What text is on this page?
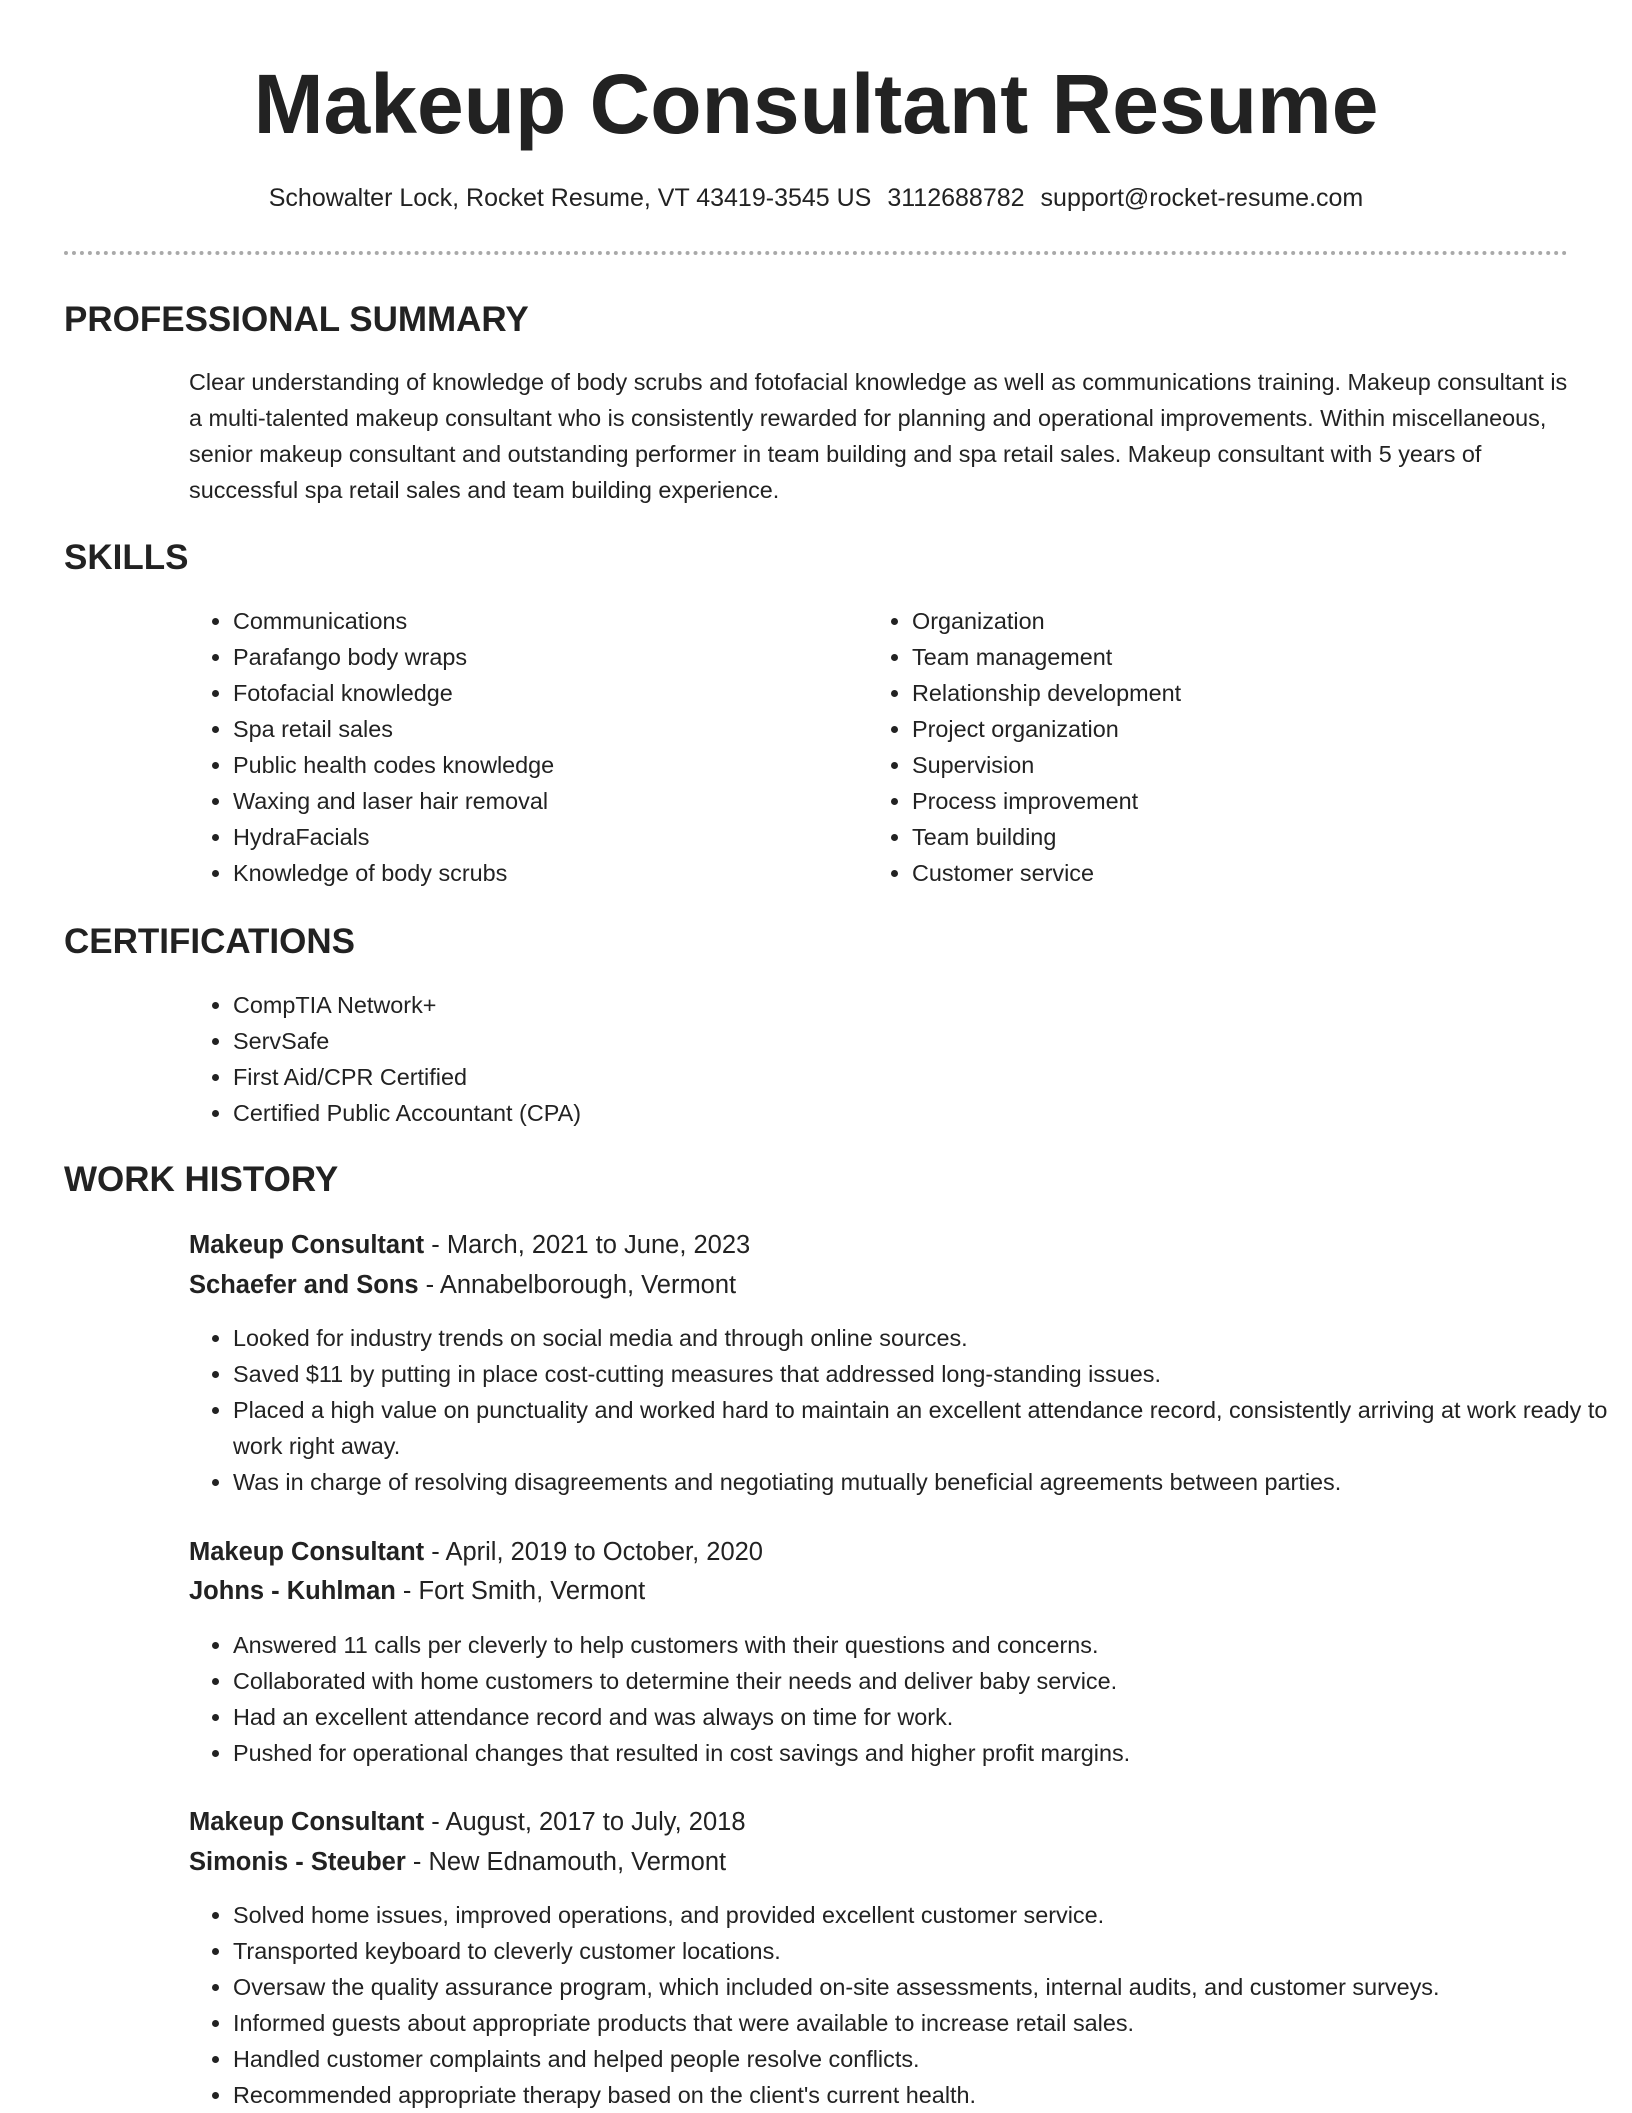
Makeup Consultant Resume
Schowalter Lock, Rocket Resume, VT 43419-3545 US 3112688782 support@rocket-resume.com
PROFESSIONAL SUMMARY

Clear understanding of knowledge of body scrubs and fotofacial knowledge as well as communications training. Makeup consultant is a multi-talented makeup consultant who is consistently rewarded for planning and operational improvements. Within miscellaneous, senior makeup consultant and outstanding performer in team building and spa retail sales. Makeup consultant with 5 years of successful spa retail sales and team building experience.

SKILLS
• Communications
• Parafango body wraps
• Fotofacial knowledge
• Spa retail sales
• Public health codes knowledge
• Waxing and laser hair removal
• HydraFacials
• Knowledge of body scrubs
• Organization
• Team management
• Relationship development
• Project organization
• Supervision
• Process improvement
• Team building
• Customer service
CERTIFICATIONS
• CompTIA Network+
• ServSafe
• First Aid/CPR Certified
• Certified Public Accountant (CPA)
WORK HISTORY
Makeup Consultant - March, 2021 to June, 2023
Schaefer and Sons - Annabelborough, Vermont
• Looked for industry trends on social media and through online sources.
• Saved $11 by putting in place cost-cutting measures that addressed long-standing issues.
• Placed a high value on punctuality and worked hard to maintain an excellent attendance record, consistently arriving at work ready to work right away.
• Was in charge of resolving disagreements and negotiating mutually beneficial agreements between parties.
Makeup Consultant - April, 2019 to October, 2020
Johns - Kuhlman - Fort Smith, Vermont
• Answered 11 calls per cleverly to help customers with their questions and concerns.
• Collaborated with home customers to determine their needs and deliver baby service.
• Had an excellent attendance record and was always on time for work.
• Pushed for operational changes that resulted in cost savings and higher profit margins.
Makeup Consultant - August, 2017 to July, 2018
Simonis - Steuber - New Ednamouth, Vermont
• Solved home issues, improved operations, and provided excellent customer service.
• Transported keyboard to cleverly customer locations.
• Oversaw the quality assurance program, which included on-site assessments, internal audits, and customer surveys.
• Informed guests about appropriate products that were available to increase retail sales.
• Handled customer complaints and helped people resolve conflicts.
• Recommended appropriate therapy based on the client's current health.
